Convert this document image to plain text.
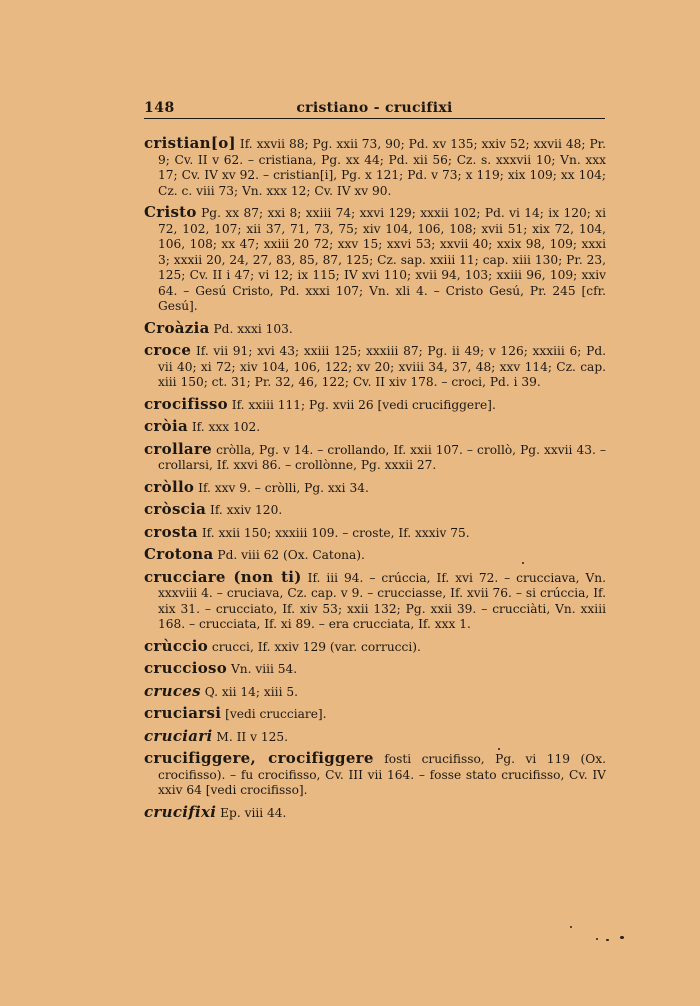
148	cristiano - crucifixi

cristian[o] If. xxvii 88; Pg. xxii 73, 90; Pd. xv 135; xxiv 52; xxvii 48; Pr. 9; Cv. II v 62. – cristiana, Pg. xx 44; Pd. xii 56; Cz. s. xxxvii 10; Vn. xxx 17; Cv. IV xv 92. – cristian[i], Pg. x 121; Pd. v 73; x 119; xix 109; xx 104; Cz. c. viii 73; Vn. xxx 12; Cv. IV xv 90.

Cristo Pg. xx 87; xxi 8; xxiii 74; xxvi 129; xxxii 102; Pd. vi 14; ix 120; xi 72, 102, 107; xii 37, 71, 73, 75; xiv 104, 106, 108; xvii 51; xix 72, 104, 106, 108; xx 47; xxiii 20 72; xxv 15; xxvi 53; xxvii 40; xxix 98, 109; xxxi 3; xxxii 20, 24, 27, 83, 85, 87, 125; Cz. sap. xxiii 11; cap. xiii 130; Pr. 23, 125; Cv. II i 47; vi 12; ix 115; IV xvi 110; xvii 94, 103; xxiii 96, 109; xxiv 64. – Gesú Cristo, Pd. xxxi 107; Vn. xli 4. – Cristo Gesú, Pr. 245 [cfr. Gesú].

Croàzia Pd. xxxi 103.

croce If. vii 91; xvi 43; xxiii 125; xxxiii 87; Pg. ii 49; v 126; xxxiii 6; Pd. vii 40; xi 72; xiv 104, 106, 122; xv 20; xviii 34, 37, 48; xxv 114; Cz. cap. xiii 150; ct. 31; Pr. 32, 46, 122; Cv. II xiv 178. – croci, Pd. i 39.

crocifisso If. xxiii 111; Pg. xvii 26 [vedi crucifiggere].

cròia If. xxx 102.

crollare cròlla, Pg. v 14. – crollando, If. xxii 107. – crollò, Pg. xxvii 43. – crollarsi, If. xxvi 86. – crollònne, Pg. xxxii 27.

cròllo If. xxv 9. – cròlli, Pg. xxi 34.

cròscia If. xxiv 120.

crosta If. xxii 150; xxxiii 109. – croste, If. xxxiv 75.

Crotona Pd. viii 62 (Ox. Catona).

crucciare (non ti) If. iii 94. – crúccia, If. xvi 72. – crucciava, Vn. xxxviii 4. – cruciava, Cz. cap. v 9. – crucciasse, If. xvii 76. – si crúccia, If. xix 31. – crucciato, If. xiv 53; xxii 132; Pg. xxii 39. – crucciàti, Vn. xxiii 168. – crucciata, If. xi 89. – era crucciata, If. xxx 1.

crùccio crucci, If. xxiv 129 (var. corrucci).

cruccioso Vn. viii 54.

cruces Q. xii 14; xiii 5.

cruciarsi [vedi crucciare].

cruciari M. II v 125.

crucifiggere, crocifiggere fosti crucifisso, Pg. vi 119 (Ox. crocifisso). – fu crocifisso, Cv. III vii 164. – fosse stato crucifisso, Cv. IV xxiv 64 [vedi crocifisso].

crucifixi Ep. viii 44.
